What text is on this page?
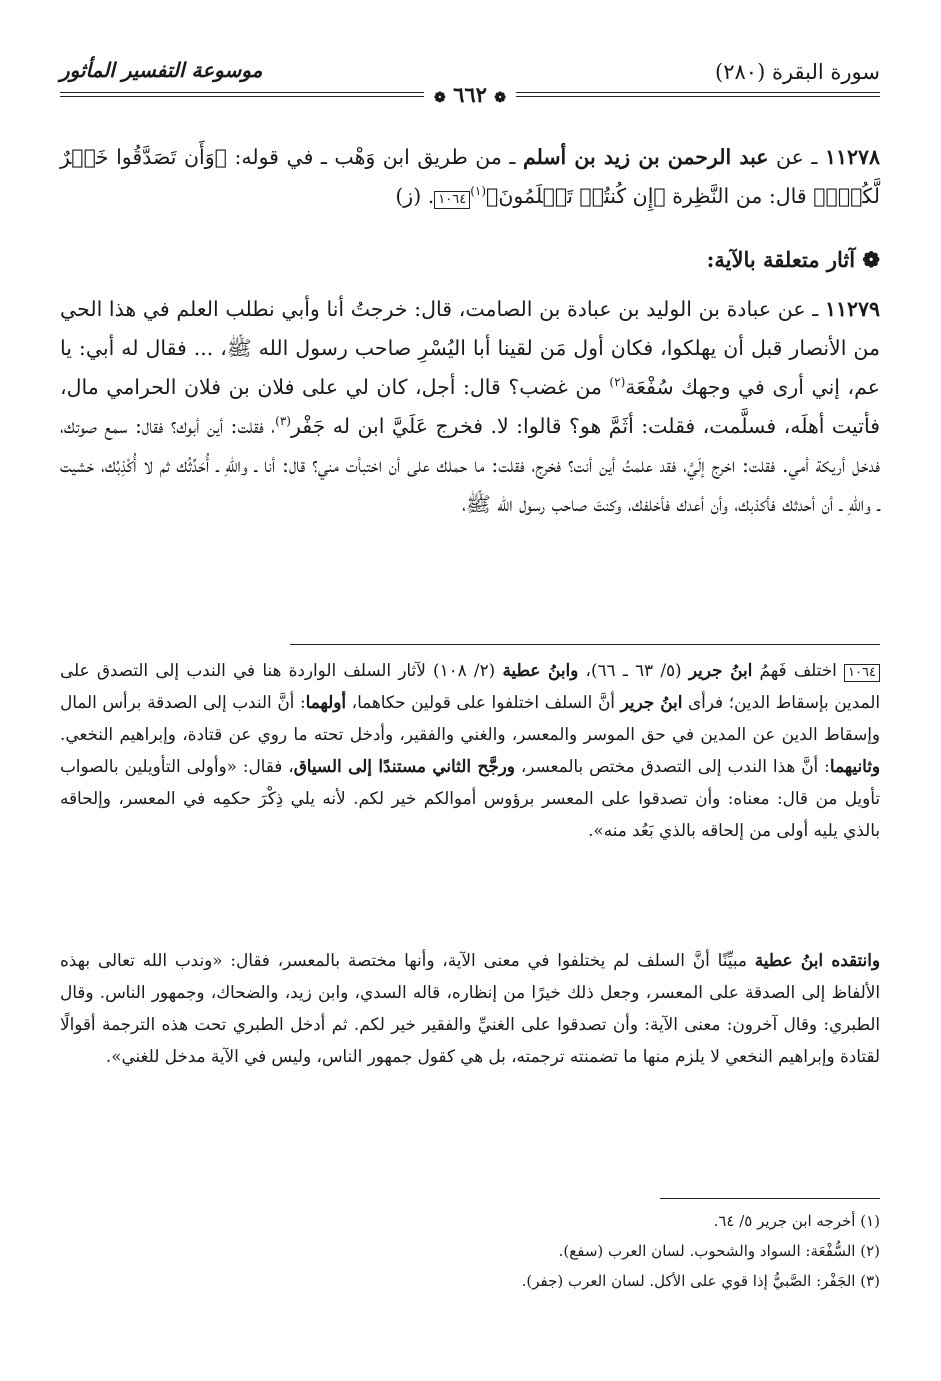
سورة البقرة (٢٨٠)
موسوعة التفسير المأثور
❁ ٦٦٢ ❁
١١٢٧٨ ـ عن عبد الرحمن بن زيد بن أسلم ـ من طريق ابن وَهْب ـ في قوله: ﴿وَأَن تَصَدَّقُوا خَيۡرٌ لَّكُمۡۖ﴾ قال: من النَّظِرة ﴿إِن كُنتُمۡ تَعۡلَمُونَ﴾$^{(١)}$١٠٦٤. (ز)
❁ آثار متعلقة بالآية:
١١٢٧٩ ـ عن عبادة بن الوليد بن عبادة بن الصامت، قال: خرجتُ أنا وأبي نطلب العلم في هذا الحي من الأنصار قبل أن يهلكوا، فكان أول مَن لقينا أبا اليُسْرِ صاحب رسول الله ﷺ، ... فقال له أبي: يا عم، إني أرى في وجهك سُفْعَة$^{(٢)}$ من غضب؟ قال: أجل، كان لي على فلان بن فلان الحرامي مال، فأتيت أهلَه، فسلَّمت، فقلت: أثَمَّ هو؟ قالوا: لا. فخرج عَلَيَّ ابن له جَفْر$^{(٣)}$، فقلت: أين أبوك؟ فقال: سمع صوتك، فدخل أريكة أمي. فقلت: اخرج إلَيَّ، فقد علمتُ أين أنت؟ فخرج، فقلت: ما حملك على أن اختبأت مني؟ قال: أنا ـ واللهِ ـ أُحَدِّثُك ثم لا أُكْذِبُك، خشيت ـ واللهِ ـ أن أحدثك فأكذبك، وأن أعدك فأخلفك، وكنتَ صاحب رسول الله ﷺ،
١٠٦٤ اختلف فَهمُ ابنُ جرير (٥/ ٦٣ ـ ٦٦)، وابنُ عطية (٢/ ١٠٨) لآثار السلف الواردة هنا في الندب إلى التصدق على المدين بإسقاط الدين؛ فرأى ابنُ جرير أنَّ السلف اختلفوا على قولين حكاهما، أولهما: أنَّ الندب إلى الصدقة برأس المال وإسقاط الدين عن المدين في حق الموسر والمعسر، والغني والفقير، وأدخل تحته ما روي عن قتادة، وإبراهيم النخعي. وثانيهما: أنَّ هذا الندب إلى التصدق مختص بالمعسر، ورجَّح الثاني مستندًا إلى السياق، فقال: «وأولى التأويلين بالصواب تأويل من قال: معناه: وأن تصدقوا على المعسر برؤوس أموالكم خير لكم. لأنه يلي ذِكْرَ حكمِه في المعسر، وإلحاقه بالذي يليه أولى من إلحاقه بالذي بَعُد منه».
وانتقده ابنُ عطية مبيِّنًا أنَّ السلف لم يختلفوا في معنى الآية، وأنها مختصة بالمعسر، فقال: «وندب الله تعالى بهذه الألفاظ إلى الصدقة على المعسر، وجعل ذلك خيرًا من إنظاره، قاله السدي، وابن زيد، والضحاك، وجمهور الناس. وقال الطبري: وقال آخرون: معنى الآية: وأن تصدقوا على الغنيِّ والفقير خير لكم. ثم أدخل الطبري تحت هذه الترجمة أقوالًا لقتادة وإبراهيم النخعي لا يلزم منها ما تضمنته ترجمته، بل هي كقول جمهور الناس، وليس في الآية مدخل للغني».
(١) أخرجه ابن جرير ٥/ ٦٤.
(٢) السُّفْعَة: السواد والشحوب. لسان العرب (سفع).
(٣) الجَفْر: الصَّبيُّ إذا قوي على الأكل. لسان العرب (جفر).
